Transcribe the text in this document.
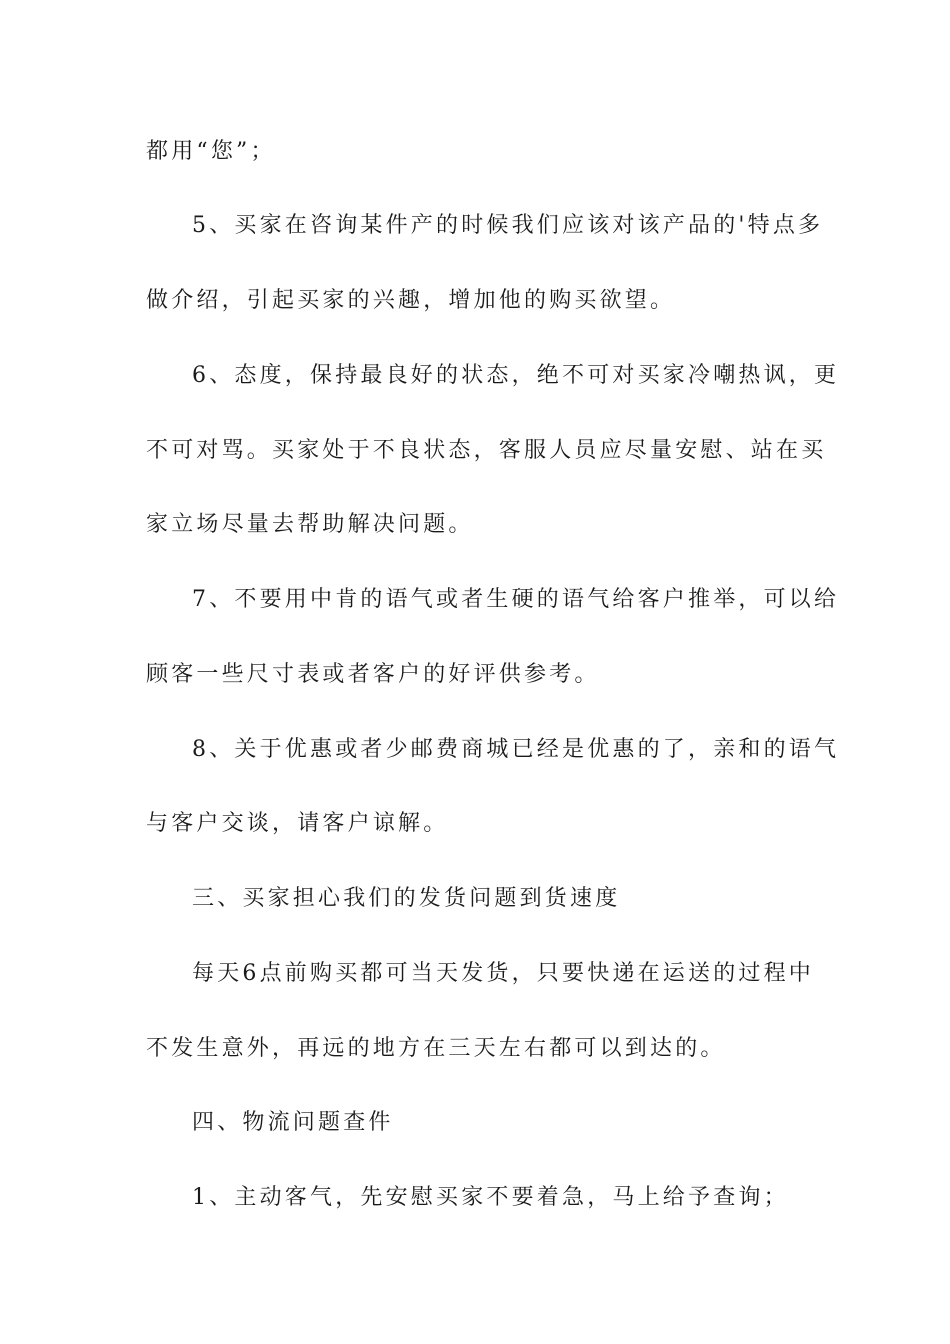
都用“您”；
5、买家在咨询某件产的时候我们应该对该产品的'特点多
做介绍，引起买家的兴趣，增加他的购买欲望。
6、态度，保持最良好的状态，绝不可对买家冷嘲热讽，更
不可对骂。买家处于不良状态，客服人员应尽量安慰、站在买
家立场尽量去帮助解决问题。
7、不要用中肯的语气或者生硬的语气给客户推举，可以给
顾客一些尺寸表或者客户的好评供参考。
8、关于优惠或者少邮费商城已经是优惠的了，亲和的语气
与客户交谈，请客户谅解。
三、买家担心我们的发货问题到货速度
每天6点前购买都可当天发货，只要快递在运送的过程中
不发生意外，再远的地方在三天左右都可以到达的。
四、物流问题查件
1、主动客气，先安慰买家不要着急，马上给予查询；
